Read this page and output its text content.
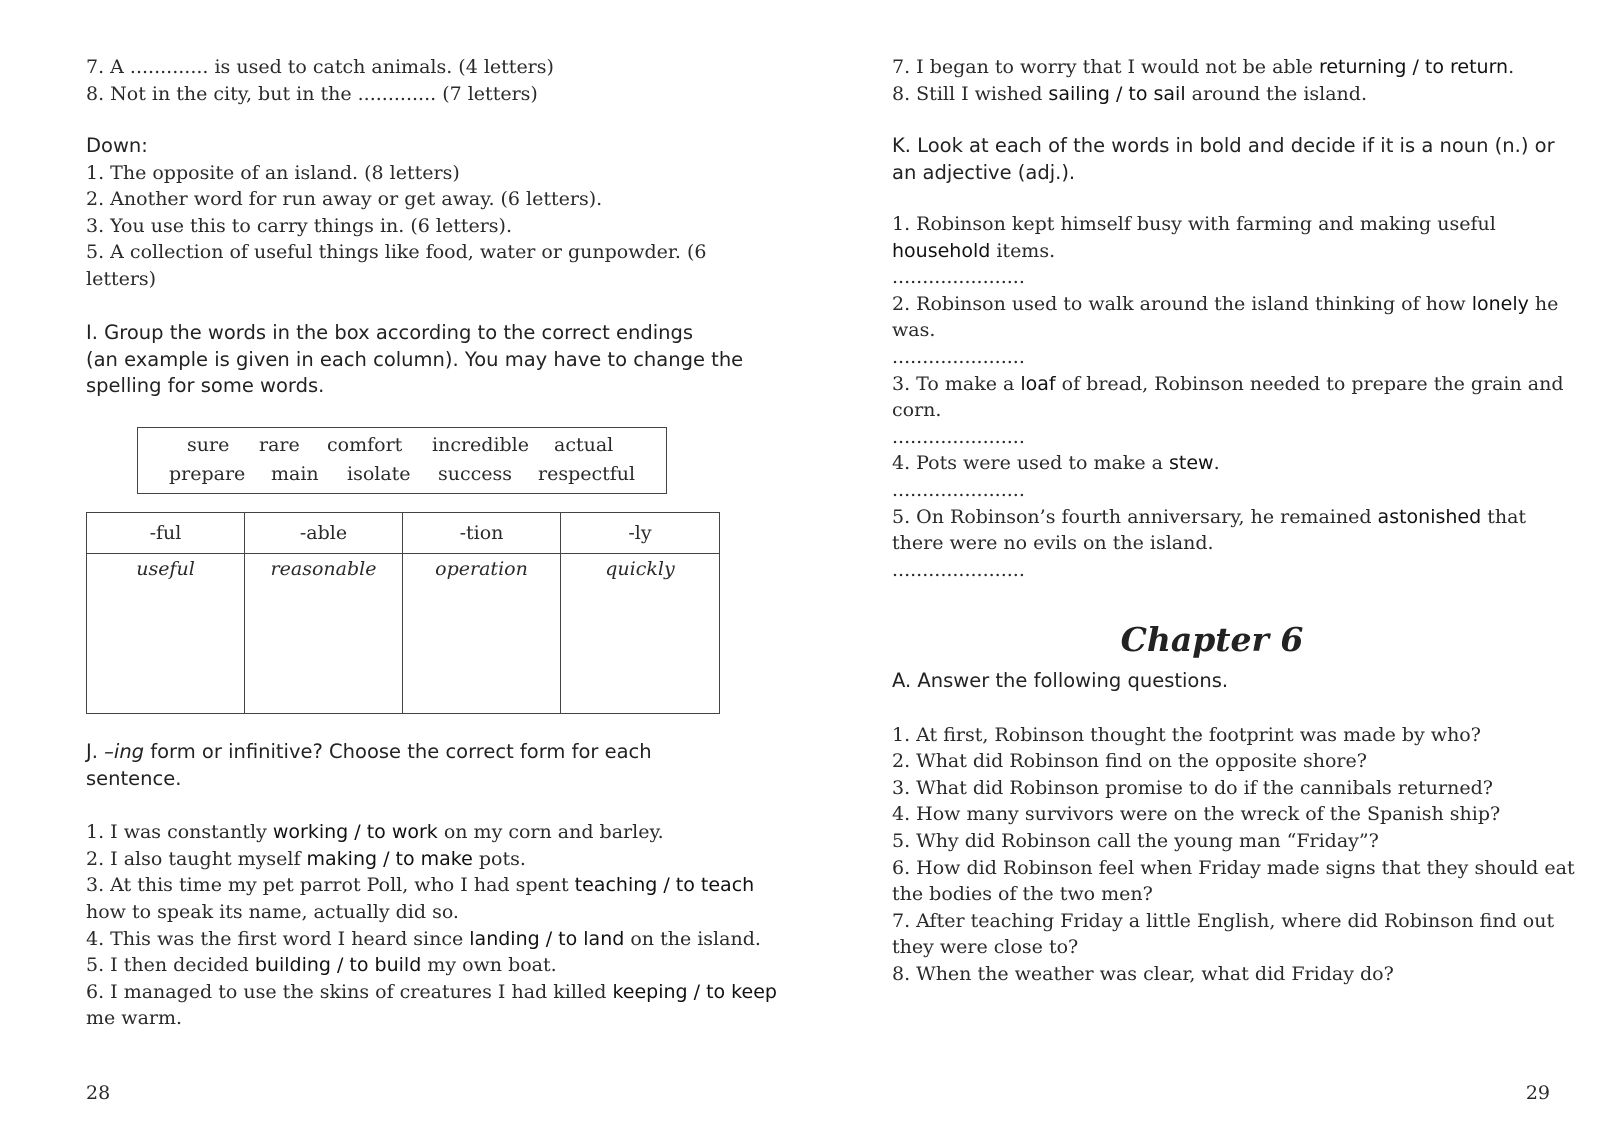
7. A ............. is used to catch animals. (4 letters)
8. Not in the city, but in the ............. (7 letters)
Down:
1. The opposite of an island. (8 letters)
2. Another word for run away or get away. (6 letters).
3. You use this to carry things in. (6 letters).
5. A collection of useful things like food, water or gunpowder. (6
letters)
I. Group the words in the box according to the correct endings
(an example is given in each column). You may have to change the
spelling for some words.
sure rare comfort incredible actual
prepare main isolate success respectful
-ful
useful
-able
reasonable
-tion
operation
-ly
quickly
J. –ing form or infinitive? Choose the correct form for each
sentence.
1. I was constantly working / to work on my corn and barley.
2. I also taught myself making / to make pots.
3. At this time my pet parrot Poll, who I had spent teaching / to teach
how to speak its name, actually did so.
4. This was the first word I heard since landing / to land on the island.
5. I then decided building / to build my own boat.
6. I managed to use the skins of creatures I had killed keeping / to keep
me warm.
28
7. I began to worry that I would not be able returning / to return.
8. Still I wished sailing / to sail around the island.
K. Look at each of the words in bold and decide if it is a noun (n.) or
an adjective (adj.).
1. Robinson kept himself busy with farming and making useful
household items.
......................
2. Robinson used to walk around the island thinking of how lonely he
was.
......................
3. To make a loaf of bread, Robinson needed to prepare the grain and
corn.
......................
4. Pots were used to make a stew.
......................
5. On Robinson’s fourth anniversary, he remained astonished that
there were no evils on the island.
......................
Chapter 6
A. Answer the following questions.
1. At first, Robinson thought the footprint was made by who?
2. What did Robinson find on the opposite shore?
3. What did Robinson promise to do if the cannibals returned?
4. How many survivors were on the wreck of the Spanish ship?
5. Why did Robinson call the young man “Friday”?
6. How did Robinson feel when Friday made signs that they should eat
the bodies of the two men?
7. After teaching Friday a little English, where did Robinson find out
they were close to?
8. When the weather was clear, what did Friday do?
29
